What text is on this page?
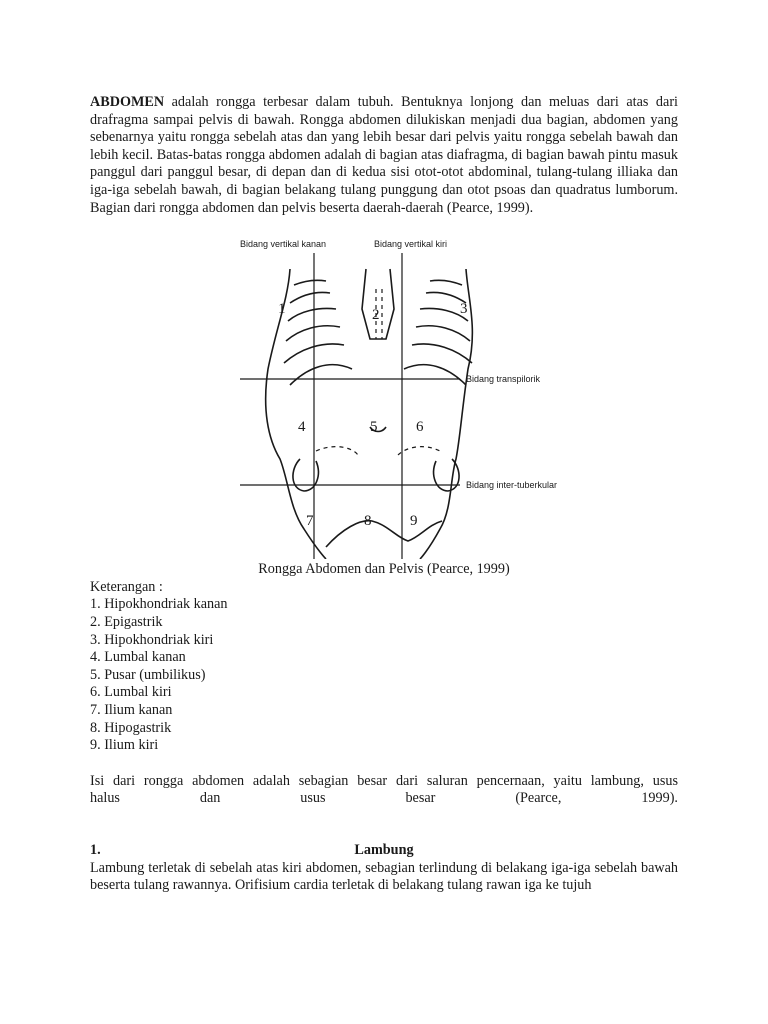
ABDOMEN adalah rongga terbesar dalam tubuh. Bentuknya lonjong dan meluas dari atas dari drafragma sampai pelvis di bawah. Rongga abdomen dilukiskan menjadi dua bagian, abdomen yang sebenarnya yaitu rongga sebelah atas dan yang lebih besar dari pelvis yaitu rongga sebelah bawah dan lebih kecil. Batas-batas rongga abdomen adalah di bagian atas diafragma, di bagian bawah pintu masuk panggul dari panggul besar, di depan dan di kedua sisi otot-otot abdominal, tulang-tulang illiaka dan iga-iga sebelah bawah, di bagian belakang tulang punggung dan otot psoas dan quadratus lumborum. Bagian dari rongga abdomen dan pelvis beserta daerah-daerah (Pearce, 1999).

Bidang vertikal kanan	Bidang vertikal kiri
Bidang transpilorik
Bidang inter-tuberkular
1	2	3
4	5	6
7	8	9

Rongga Abdomen dan Pelvis (Pearce, 1999)

Keterangan :
1. Hipokhondriak kanan
2. Epigastrik
3. Hipokhondriak kiri
4. Lumbal kanan
5. Pusar (umbilikus)
6. Lumbal kiri
7. Ilium kanan
8. Hipogastrik
9. Ilium kiri
Isi dari rongga abdomen adalah sebagian besar dari saluran pencernaan, yaitu lambung, usus
halus	dan	usus	besar	(Pearce,	1999).
1.	Lambung

Lambung terletak di sebelah atas kiri abdomen, sebagian terlindung di belakang iga-iga sebelah bawah beserta tulang rawannya. Orifisium cardia terletak di belakang tulang rawan iga ke tujuh
